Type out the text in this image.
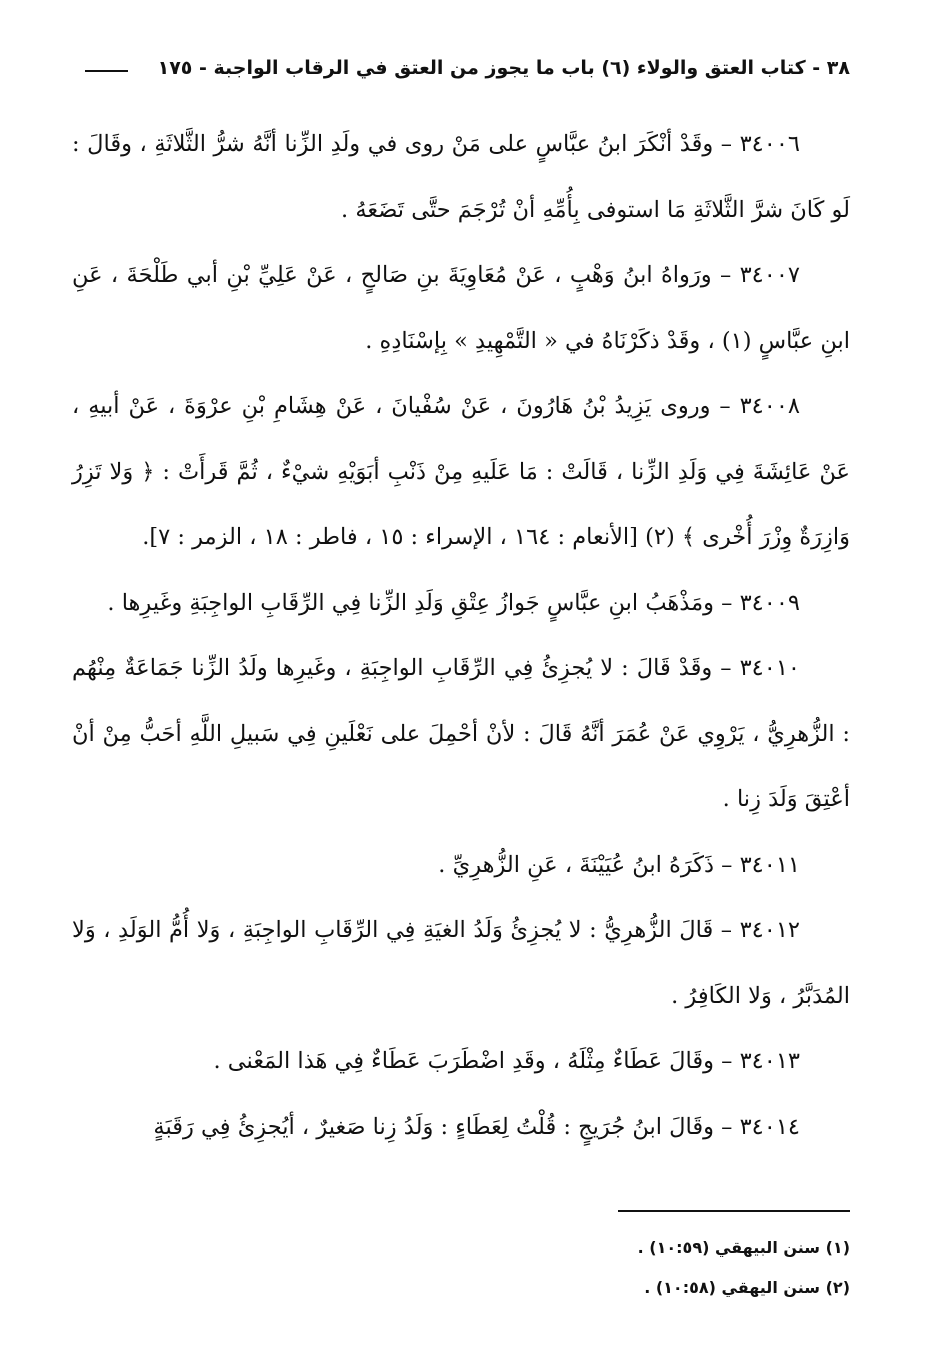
٣٨ - كتاب العتق والولاء (٦) باب ما يجوز من العتق في الرقاب الواجبة - ١٧٥

٣٤٠٠٦ – وقَدْ أنْكَرَ ابنُ عبَّاسٍ على مَنْ روى في ولَدِ الزِّنا أنَّهُ شرُّ الثَّلاثَةِ ، وقَالَ : لَو كَانَ شرَّ الثَّلاثَةِ مَا استوفى بِأُمِّهِ أنْ تُرْجَمَ حتَّى تَضَعَهُ .

٣٤٠٠٧ – ورَواهُ ابنُ وَهْبٍ ، عَنْ مُعَاوِيَةَ بنِ صَالحٍ ، عَنْ عَلِيِّ بْنِ أبي طَلْحَةَ ، عَنِ ابنِ عبَّاسٍ (١) ، وقَدْ ذكَرْنَاهُ في « التَّمْهِيدِ » بِإسْنَادِهِ .

٣٤٠٠٨ – وروى يَزِيدُ بْنُ هَارُونَ ، عَنْ سُفْيانَ ، عَنْ هِشَامِ بْنِ عرْوَةَ ، عَنْ أبيهِ ، عَنْ عَائِشَةَ فِي وَلَدِ الزِّنا ، قَالَتْ : مَا عَلَيهِ مِنْ ذَنْبِ أبَوَيْهِ شيْءٌ ، ثُمَّ قَرأَتْ : ﴿ وَلا تَزِرُ وَازِرَةٌ وِزْرَ أُخْرى ﴾ (٢) [الأنعام : ١٦٤ ، الإسراء : ١٥ ، فاطر : ١٨ ، الزمر : ٧].

٣٤٠٠٩ – ومَذْهَبُ ابنِ عبَّاسٍ جَوازُ عِتْقِ وَلَدِ الزِّنا فِي الرِّقَابِ الواجِبَةِ وغَيرِها .

٣٤٠١٠ – وقَدْ قَالَ : لا يُجزِئُ فِي الرِّقَابِ الواجِبَةِ ، وغَيرِها ولَدُ الزِّنا جَمَاعَةٌ مِنْهُم : الزُّهرِيُّ ، يَرْوِي عَنْ عُمَرَ أنَّهُ قَالَ : لأنْ أحْمِلَ على نَعْلَينِ فِي سَبيلِ اللَّهِ أحَبُّ مِنْ أنْ أعْتِقَ وَلَدَ زِنا .

٣٤٠١١ – ذَكَرَهُ ابنُ عُيَيْنَةَ ، عَنِ الزُّهرِيِّ .

٣٤٠١٢ – قَالَ الزُّهرِيُّ : لا يُجزِئُ وَلَدُ الغيَةِ فِي الرِّقَابِ الواجِبَةِ ، وَلا أُمُّ الوَلَدِ ، وَلا المُدَبَّرُ ، وَلا الكَافِرُ .

٣٤٠١٣ – وقَالَ عَطَاءٌ مِثْلَهُ ، وقَدِ اضْطَرَبَ عَطَاءٌ فِي هَذا المَعْنى .

٣٤٠١٤ – وقَالَ ابنُ جُرَيجٍ : قُلْتُ لِعَطَاءٍ : وَلَدُ زِنا صَغيرٌ ، أيُجزِئُ فِي رَقَبَةٍ

(١) سنن البيهقي (١٠:٥٩) .
(٢) سنن اليهقي (١٠:٥٨) .
